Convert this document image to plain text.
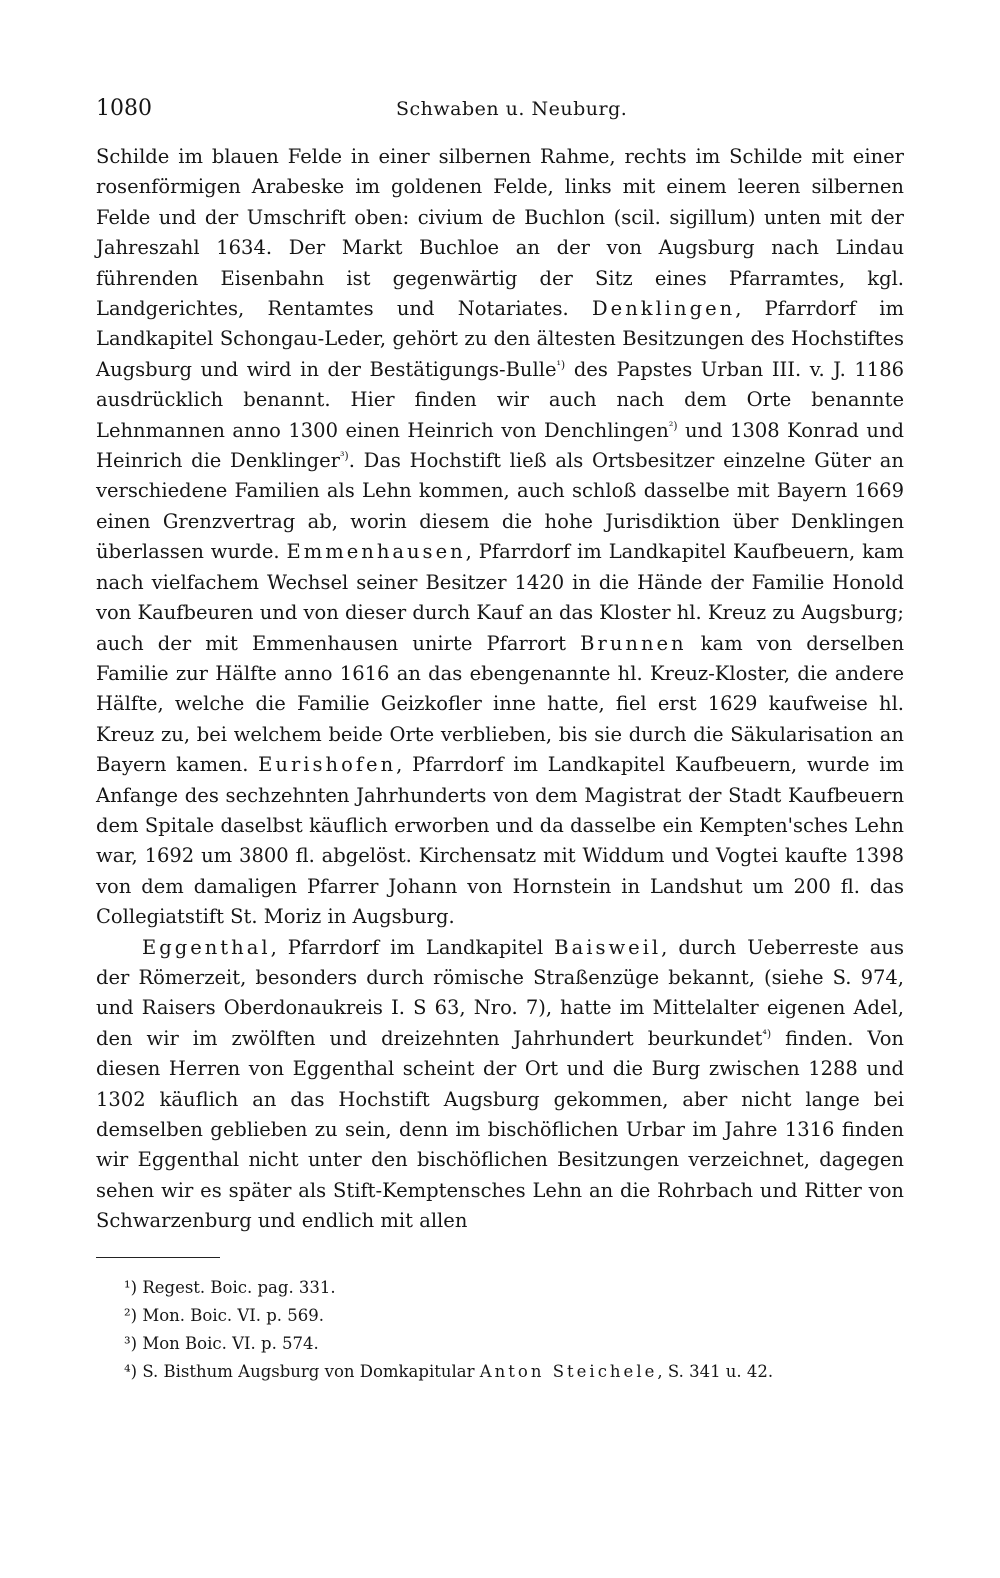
1080	Schwaben u. Neuburg.

Schilde im blauen Felde in einer silbernen Rahme, rechts im Schilde mit einer rosenförmigen Arabeske im goldenen Felde, links mit einem leeren silbernen Felde und der Umschrift oben: civium de Buchlon (scil. sigillum) unten mit der Jahreszahl 1634. Der Markt Buchloe an der von Augsburg nach Lindau führenden Eisenbahn ist gegenwärtig der Sitz eines Pfarramtes, kgl. Landgerichtes, Rentamtes und Notariates. Denklingen, Pfarrdorf im Landkapitel Schongau-Leder, gehört zu den ältesten Besitzungen des Hochstiftes Augsburg und wird in der Bestätigungs-Bulle$^{^1)}$ des Papstes Urban III. v. J. 1186 ausdrücklich benannt. Hier finden wir auch nach dem Orte benannte Lehnmannen anno 1300 einen Heinrich von Denchlingen$^{^2)}$ und 1308 Konrad und Heinrich die Denklinger$^{^3)}$. Das Hochstift ließ als Ortsbesitzer einzelne Güter an verschiedene Familien als Lehn kommen, auch schloß dasselbe mit Bayern 1669 einen Grenzvertrag ab, worin diesem die hohe Jurisdiktion über Denklingen überlassen wurde. Emmenhausen, Pfarrdorf im Landkapitel Kaufbeuern, kam nach vielfachem Wechsel seiner Besitzer 1420 in die Hände der Familie Honold von Kaufbeuren und von dieser durch Kauf an das Kloster hl. Kreuz zu Augsburg; auch der mit Emmenhausen unirte Pfarrort Brunnen kam von derselben Familie zur Hälfte anno 1616 an das ebengenannte hl. Kreuz-Kloster, die andere Hälfte, welche die Familie Geizkofler inne hatte, fiel erst 1629 kaufweise hl. Kreuz zu, bei welchem beide Orte verblieben, bis sie durch die Säkularisation an Bayern kamen. Eurishofen, Pfarrdorf im Landkapitel Kaufbeuern, wurde im Anfange des sechzehnten Jahrhunderts von dem Magistrat der Stadt Kaufbeuern dem Spitale daselbst käuflich erworben und da dasselbe ein Kempten'sches Lehn war, 1692 um 3800 fl. abgelöst. Kirchensatz mit Widdum und Vogtei kaufte 1398 von dem damaligen Pfarrer Johann von Hornstein in Landshut um 200 fl. das Collegiatstift St. Moriz in Augsburg.

Eggenthal, Pfarrdorf im Landkapitel Baisweil, durch Ueberreste aus der Römerzeit, besonders durch römische Straßenzüge bekannt, (siehe S. 974, und Raisers Oberdonaukreis I. S 63, Nro. 7), hatte im Mittelalter eigenen Adel, den wir im zwölften und dreizehnten Jahrhundert beurkundet$^{^4)}$ finden. Von diesen Herren von Eggenthal scheint der Ort und die Burg zwischen 1288 und 1302 käuflich an das Hochstift Augsburg gekommen, aber nicht lange bei demselben geblieben zu sein, denn im bischöflichen Urbar im Jahre 1316 finden wir Eggenthal nicht unter den bischöflichen Besitzungen verzeichnet, dagegen sehen wir es später als Stift-Kemptensches Lehn an die Rohrbach und Ritter von Schwarzenburg und endlich mit allen

¹) Regest. Boic. pag. 331.
²) Mon. Boic. VI. p. 569.
³) Mon Boic. VI. p. 574.
⁴) S. Bisthum Augsburg von Domkapitular Anton Steichele, S. 341 u. 42.
